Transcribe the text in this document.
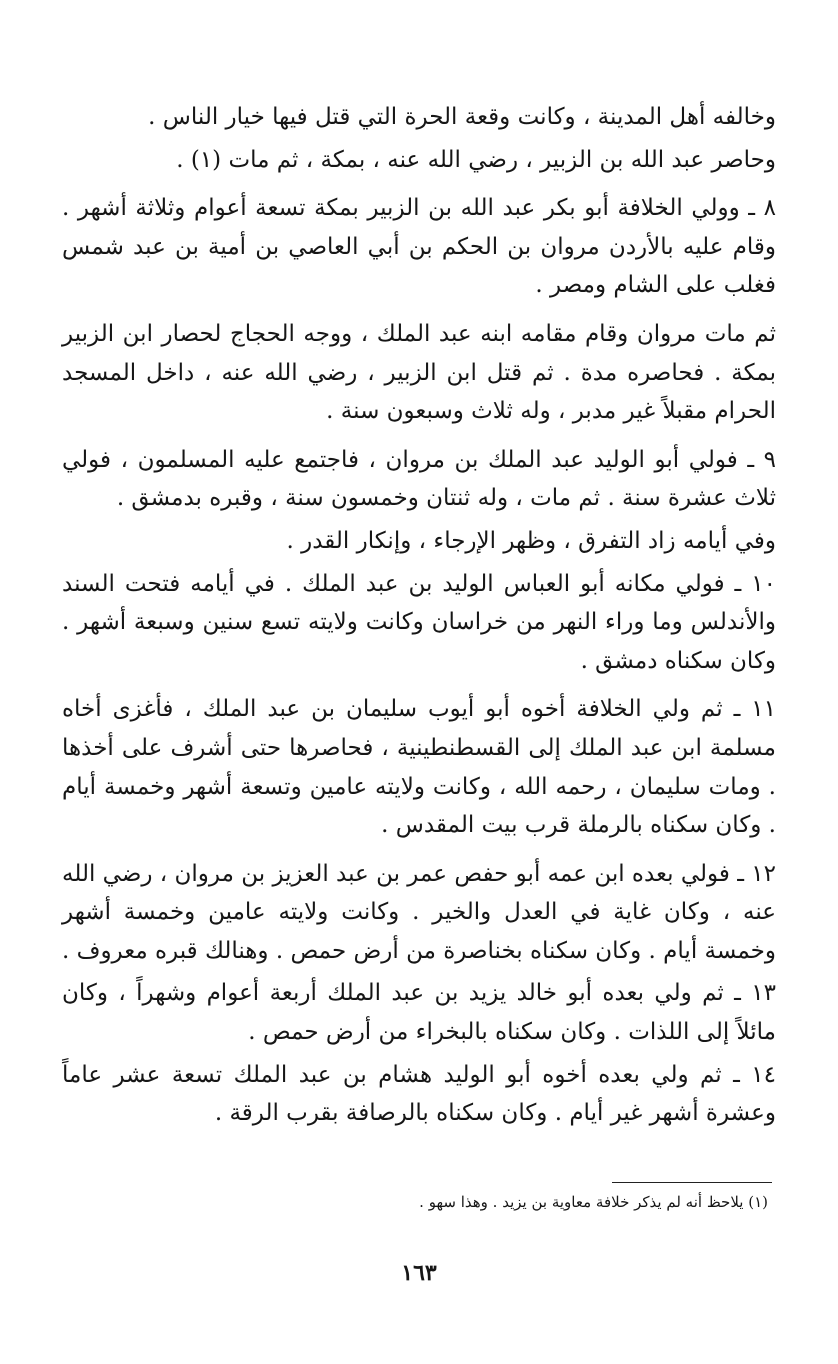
وخالفه أهل المدينة ، وكانت وقعة الحرة التي قتل فيها خيار الناس .

وحاصر عبد الله بن الزبير ، رضي الله عنه ، بمكة ، ثم مات (١) .

٨ ـ وولي الخلافة أبو بكر عبد الله بن الزبير بمكة تسعة أعوام وثلاثة أشهر . وقام عليه بالأردن مروان بن الحكم بن أبي العاصي بن أمية بن عبد شمس فغلب على الشام ومصر .

ثم مات مروان وقام مقامه ابنه عبد الملك ، ووجه الحجاج لحصار ابن الزبير بمكة . فحاصره مدة . ثم قتل ابن الزبير ، رضي الله عنه ، داخل المسجد الحرام مقبلاً غير مدبر ، وله ثلاث وسبعون سنة .

٩ ـ فولي أبو الوليد عبد الملك بن مروان ، فاجتمع عليه المسلمون ، فولي ثلاث عشرة سنة . ثم مات ، وله ثنتان وخمسون سنة ، وقبره بدمشق .

وفي أيامه زاد التفرق ، وظهر الإرجاء ، وإنكار القدر .

١٠ ـ فولي مكانه أبو العباس الوليد بن عبد الملك . في أيامه فتحت السند والأندلس وما وراء النهر من خراسان وكانت ولايته تسع سنين وسبعة أشهر . وكان سكناه دمشق .

١١ ـ ثم ولي الخلافة أخوه أبو أيوب سليمان بن عبد الملك ، فأغزى أخاه مسلمة ابن عبد الملك إلى القسطنطينية ، فحاصرها حتى أشرف على أخذها . ومات سليمان ، رحمه الله ، وكانت ولايته عامين وتسعة أشهر وخمسة أيام . وكان سكناه بالرملة قرب بيت المقدس .

١٢ ـ فولي بعده ابن عمه أبو حفص عمر بن عبد العزيز بن مروان ، رضي الله عنه ، وكان غاية في العدل والخير . وكانت ولايته عامين وخمسة أشهر وخمسة أيام . وكان سكناه بخناصرة من أرض حمص . وهنالك قبره معروف .

١٣ ـ ثم ولي بعده أبو خالد يزيد بن عبد الملك أربعة أعوام وشهراً ، وكان مائلاً إلى اللذات . وكان سكناه بالبخراء من أرض حمص .

١٤ ـ ثم ولي بعده أخوه أبو الوليد هشام بن عبد الملك تسعة عشر عاماً وعشرة أشهر غير أيام . وكان سكناه بالرصافة بقرب الرقة .

(١) يلاحظ أنه لم يذكر خلافة معاوية بن يزيد . وهذا سهو .
١٦٣
